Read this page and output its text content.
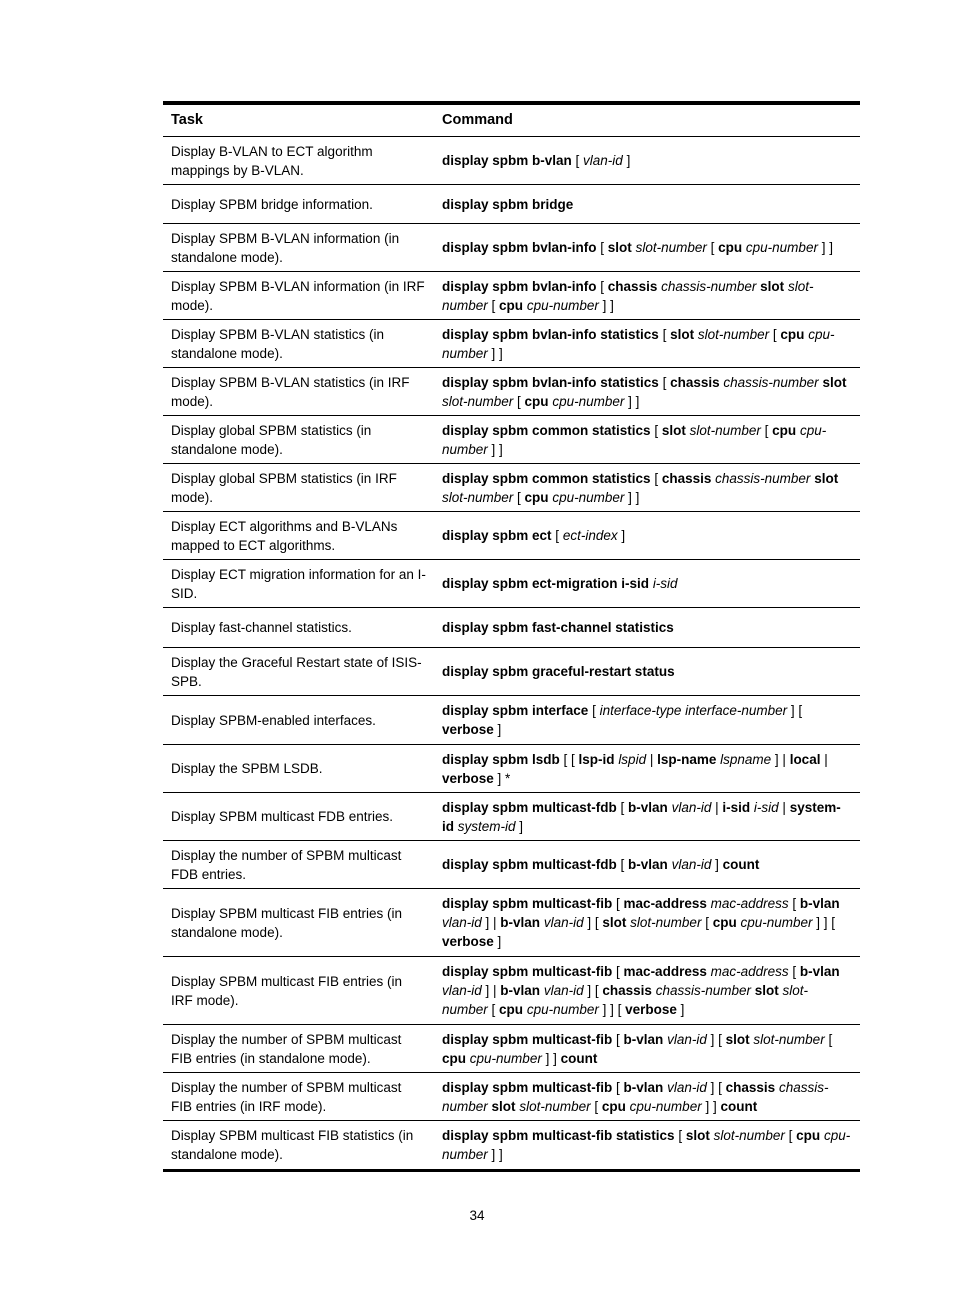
Task	Command
Display B-VLAN to ECT algorithm mappings by B-VLAN.	display spbm b-vlan [ vlan-id ]
Display SPBM bridge information.	display spbm bridge
Display SPBM B-VLAN information (in standalone mode).	display spbm bvlan-info [ slot slot-number [ cpu cpu-number ] ]
Display SPBM B-VLAN information (in IRF mode).	display spbm bvlan-info [ chassis chassis-number slot slot-number [ cpu cpu-number ] ]
Display SPBM B-VLAN statistics (in standalone mode).	display spbm bvlan-info statistics [ slot slot-number [ cpu cpu-number ] ]
Display SPBM B-VLAN statistics (in IRF mode).	display spbm bvlan-info statistics [ chassis chassis-number slot slot-number [ cpu cpu-number ] ]
Display global SPBM statistics (in standalone mode).	display spbm common statistics [ slot slot-number [ cpu cpu-number ] ]
Display global SPBM statistics (in IRF mode).	display spbm common statistics [ chassis chassis-number slot slot-number [ cpu cpu-number ] ]
Display ECT algorithms and B-VLANs mapped to ECT algorithms.	display spbm ect [ ect-index ]
Display ECT migration information for an I-SID.	display spbm ect-migration i-sid i-sid
Display fast-channel statistics.	display spbm fast-channel statistics
Display the Graceful Restart state of ISIS-SPB.	display spbm graceful-restart status
Display SPBM-enabled interfaces.	display spbm interface [ interface-type interface-number ] [ verbose ]
Display the SPBM LSDB.	display spbm lsdb [ [ lsp-id lspid | lsp-name lspname ] | local | verbose ] *
Display SPBM multicast FDB entries.	display spbm multicast-fdb [ b-vlan vlan-id | i-sid i-sid | system-id system-id ]
Display the number of SPBM multicast FDB entries.	display spbm multicast-fdb [ b-vlan vlan-id ] count
Display SPBM multicast FIB entries (in standalone mode).	display spbm multicast-fib [ mac-address mac-address [ b-vlan vlan-id ] | b-vlan vlan-id ] [ slot slot-number [ cpu cpu-number ] ] [ verbose ]
Display SPBM multicast FIB entries (in IRF mode).	display spbm multicast-fib [ mac-address mac-address [ b-vlan vlan-id ] | b-vlan vlan-id ] [ chassis chassis-number slot slot-number [ cpu cpu-number ] ] [ verbose ]
Display the number of SPBM multicast FIB entries (in standalone mode).	display spbm multicast-fib [ b-vlan vlan-id ] [ slot slot-number [ cpu cpu-number ] ] count
Display the number of SPBM multicast FIB entries (in IRF mode).	display spbm multicast-fib [ b-vlan vlan-id ] [ chassis chassis-number slot slot-number [ cpu cpu-number ] ] count
Display SPBM multicast FIB statistics (in standalone mode).	display spbm multicast-fib statistics [ slot slot-number [ cpu cpu-number ] ]
34
